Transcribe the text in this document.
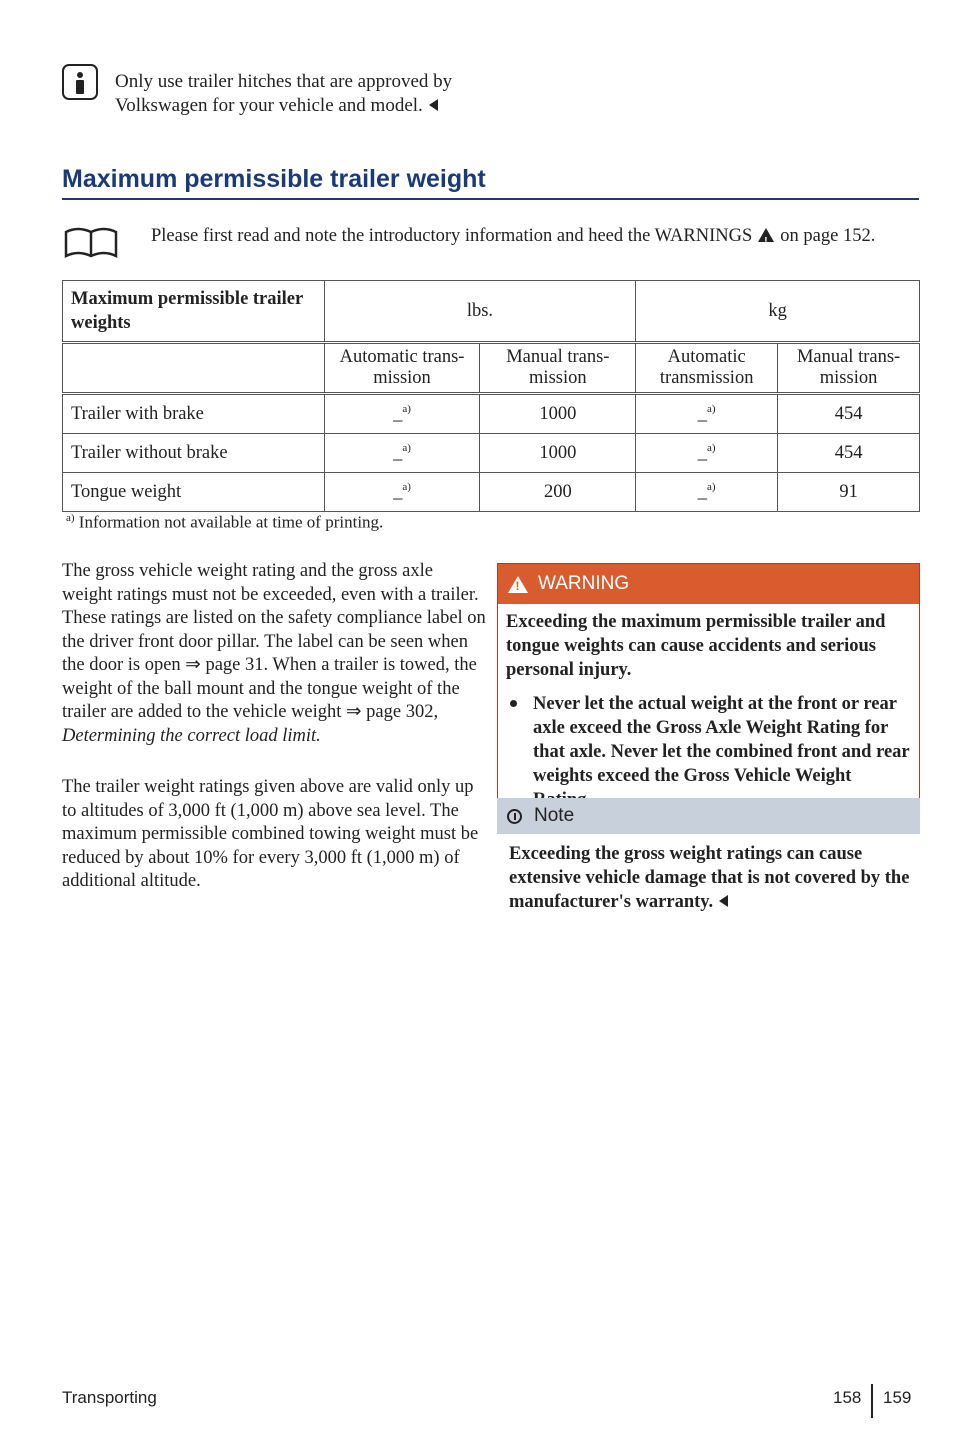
Only use trailer hitches that are approved by
Volkswagen for your vehicle and model.
Maximum permissible trailer weight
Please first read and note the introductory information and heed the WARNINGS ! on page 152.
Maximum permissible trailer weights	lbs.		kg	
	Automatic trans-mission	Manual trans-mission	Automatic transmission	Manual trans-mission
Trailer with brake	_$^{a)}$	1000	_$^{a)}$	454
Trailer without brake	_$^{a)}$	1000	_$^{a)}$	454
Tongue weight	_$^{a)}$	200	_$^{a)}$	91
$^{a)}$ Information not available at time of printing.

The gross vehicle weight rating and the gross axle weight ratings must not be exceeded, even with a trailer. These ratings are listed on the safety compliance label on the driver front door pillar. The label can be seen when the door is open ⇒ page 31. When a trailer is towed, the weight of the ball mount and the tongue weight of the trailer are added to the vehicle weight ⇒ page 302, Determining the correct load limit.

The trailer weight ratings given above are valid only up to altitudes of 3,000 ft (1,000 m) above sea level. The maximum permissible combined towing weight must be reduced by about 10% for every 3,000 ft (1,000 m) of additional altitude.

!
WARNING

Exceeding the maximum permissible trailer and tongue weights can cause accidents and serious personal injury.

Never let the actual weight at the front or rear axle exceed the Gross Axle Weight Rating for that axle. Never let the combined front and rear weights exceed the Gross Vehicle Weight
Note
Exceeding the gross weight ratings can cause extensive vehicle damage that is not covered by the manufacturer's warranty.
Transporting	158 159
